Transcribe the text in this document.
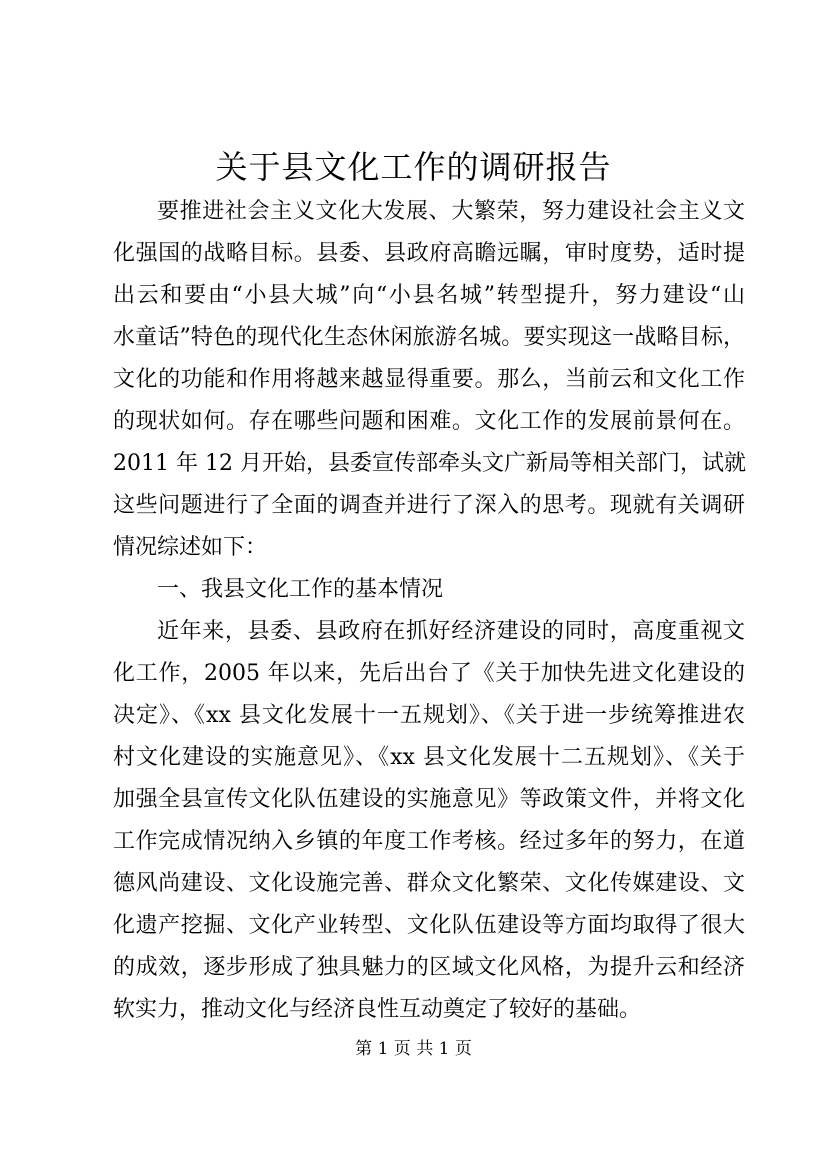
关于县文化工作的调研报告
要推进社会主义文化大发展、大繁荣，努力建设社会主义文
化强国的战略目标。县委、县政府高瞻远瞩，审时度势，适时提
出云和要由“小县大城”向“小县名城”转型提升，努力建设“山
水童话”特色的现代化生态休闲旅游名城。要实现这一战略目标，
文化的功能和作用将越来越显得重要。那么，当前云和文化工作
的现状如何。存在哪些问题和困难。文化工作的发展前景何在。
2011 年 12 月开始，县委宣传部牵头文广新局等相关部门，试就
这些问题进行了全面的调查并进行了深入的思考。现就有关调研
情况综述如下：
一、我县文化工作的基本情况
近年来，县委、县政府在抓好经济建设的同时，高度重视文
化工作，2005 年以来，先后出台了《关于加快先进文化建设的
决定》、《xx 县文化发展十一五规划》、《关于进一步统筹推进农
村文化建设的实施意见》、《xx 县文化发展十二五规划》、《关于
加强全县宣传文化队伍建设的实施意见》等政策文件，并将文化
工作完成情况纳入乡镇的年度工作考核。经过多年的努力，在道
德风尚建设、文化设施完善、群众文化繁荣、文化传媒建设、文
化遗产挖掘、文化产业转型、文化队伍建设等方面均取得了很大
的成效，逐步形成了独具魅力的区域文化风格，为提升云和经济
软实力，推动文化与经济良性互动奠定了较好的基础。
第 1 页 共 1 页
